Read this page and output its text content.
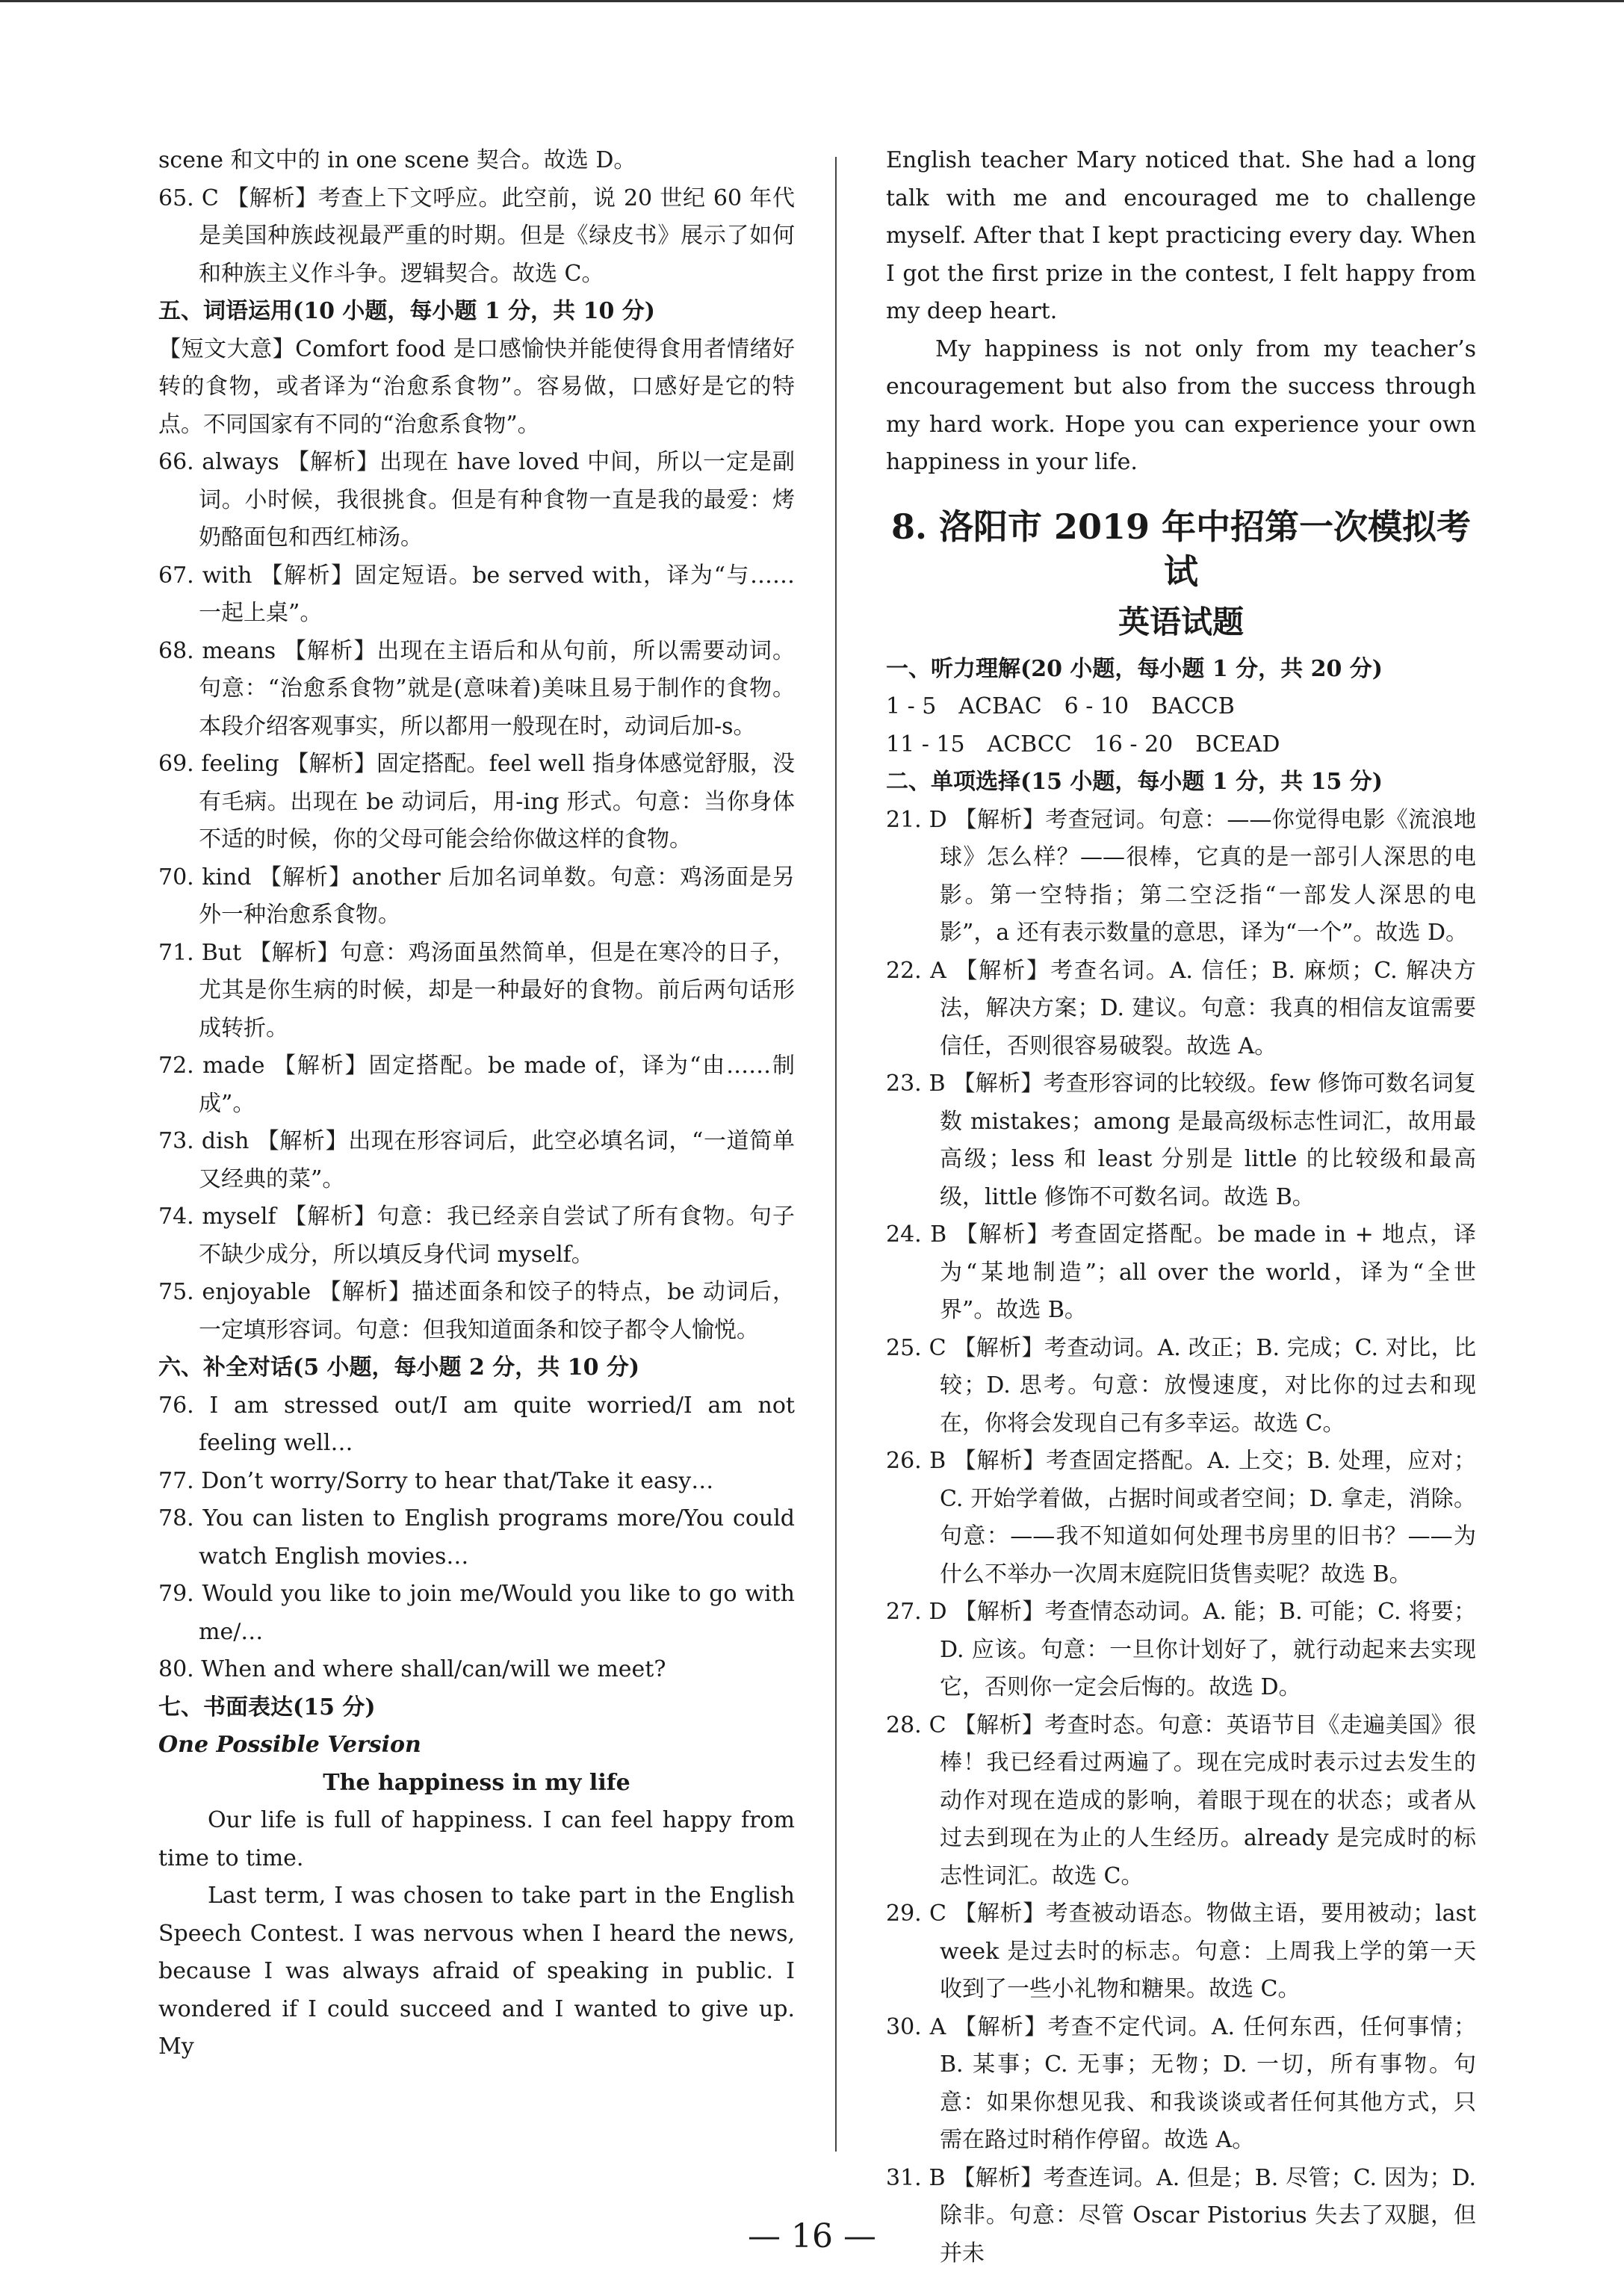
scene 和文中的 in one scene 契合。故选 D。

65. C 【解析】考查上下文呼应。此空前，说 20 世纪 60 年代是美国种族歧视最严重的时期。但是《绿皮书》展示了如何和种族主义作斗争。逻辑契合。故选 C。

五、词语运用(10 小题，每小题 1 分，共 10 分)

【短文大意】Comfort food 是口感愉快并能使得食用者情绪好转的食物，或者译为“治愈系食物”。容易做，口感好是它的特点。不同国家有不同的“治愈系食物”。

66. always 【解析】出现在 have loved 中间，所以一定是副词。小时候，我很挑食。但是有种食物一直是我的最爱：烤奶酪面包和西红柿汤。

67. with 【解析】固定短语。be served with，译为“与……一起上桌”。

68. means 【解析】出现在主语后和从句前，所以需要动词。句意：“治愈系食物”就是(意味着)美味且易于制作的食物。本段介绍客观事实，所以都用一般现在时，动词后加-s。

69. feeling 【解析】固定搭配。feel well 指身体感觉舒服，没有毛病。出现在 be 动词后，用-ing 形式。句意：当你身体不适的时候，你的父母可能会给你做这样的食物。

70. kind 【解析】another 后加名词单数。句意：鸡汤面是另外一种治愈系食物。

71. But 【解析】句意：鸡汤面虽然简单，但是在寒冷的日子，尤其是你生病的时候，却是一种最好的食物。前后两句话形成转折。

72. made 【解析】固定搭配。be made of，译为“由……制成”。

73. dish 【解析】出现在形容词后，此空必填名词，“一道简单又经典的菜”。

74. myself 【解析】句意：我已经亲自尝试了所有食物。句子不缺少成分，所以填反身代词 myself。

75. enjoyable 【解析】描述面条和饺子的特点，be 动词后，一定填形容词。句意：但我知道面条和饺子都令人愉悦。

六、补全对话(5 小题，每小题 2 分，共 10 分)

76. I am stressed out/I am quite worried/I am not feeling well…

77. Don’t worry/Sorry to hear that/Take it easy…

78. You can listen to English programs more/You could watch English movies…

79. Would you like to join me/Would you like to go with me/…

80. When and where shall/can/will we meet?

七、书面表达(15 分)

One Possible Version

The happiness in my life

Our life is full of happiness. I can feel happy from time to time.

Last term, I was chosen to take part in the English Speech Contest. I was nervous when I heard the news, because I was always afraid of speaking in public. I wondered if I could succeed and I wanted to give up. My

English teacher Mary noticed that. She had a long talk with me and encouraged me to challenge myself. After that I kept practicing every day. When I got the first prize in the contest, I felt happy from my deep heart.

My happiness is not only from my teacher’s encouragement but also from the success through my hard work. Hope you can experience your own happiness in your life.

8. 洛阳市 2019 年中招第一次模拟考试
英语试题

一、听力理解(20 小题，每小题 1 分，共 20 分)

1 - 5　ACBAC　6 - 10　BACCB

11 - 15　ACBCC　16 - 20　BCEAD

二、单项选择(15 小题，每小题 1 分，共 15 分)

21. D 【解析】考查冠词。句意：——你觉得电影《流浪地球》怎么样？——很棒，它真的是一部引人深思的电影。第一空特指；第二空泛指“一部发人深思的电影”，a 还有表示数量的意思，译为“一个”。故选 D。

22. A 【解析】考查名词。A. 信任；B. 麻烦；C. 解决方法，解决方案；D. 建议。句意：我真的相信友谊需要信任，否则很容易破裂。故选 A。

23. B 【解析】考查形容词的比较级。few 修饰可数名词复数 mistakes；among 是最高级标志性词汇，故用最高级；less 和 least 分别是 little 的比较级和最高级，little 修饰不可数名词。故选 B。

24. B 【解析】考查固定搭配。be made in + 地点，译为“某地制造”；all over the world，译为“全世界”。故选 B。

25. C 【解析】考查动词。A. 改正；B. 完成；C. 对比，比较；D. 思考。句意：放慢速度，对比你的过去和现在，你将会发现自己有多幸运。故选 C。

26. B 【解析】考查固定搭配。A. 上交；B. 处理，应对；C. 开始学着做，占据时间或者空间；D. 拿走，消除。句意：——我不知道如何处理书房里的旧书？——为什么不举办一次周末庭院旧货售卖呢？故选 B。

27. D 【解析】考查情态动词。A. 能；B. 可能；C. 将要；D. 应该。句意：一旦你计划好了，就行动起来去实现它，否则你一定会后悔的。故选 D。

28. C 【解析】考查时态。句意：英语节目《走遍美国》很棒！我已经看过两遍了。现在完成时表示过去发生的动作对现在造成的影响，着眼于现在的状态；或者从过去到现在为止的人生经历。already 是完成时的标志性词汇。故选 C。

29. C 【解析】考查被动语态。物做主语，要用被动；last week 是过去时的标志。句意：上周我上学的第一天收到了一些小礼物和糖果。故选 C。

30. A 【解析】考查不定代词。A. 任何东西，任何事情；B. 某事；C. 无事；无物；D. 一切，所有事物。句意：如果你想见我、和我谈谈或者任何其他方式，只需在路过时稍作停留。故选 A。

31. B 【解析】考查连词。A. 但是；B. 尽管；C. 因为；D. 除非。句意：尽管 Oscar Pistorius 失去了双腿，但并未

— 16 —
